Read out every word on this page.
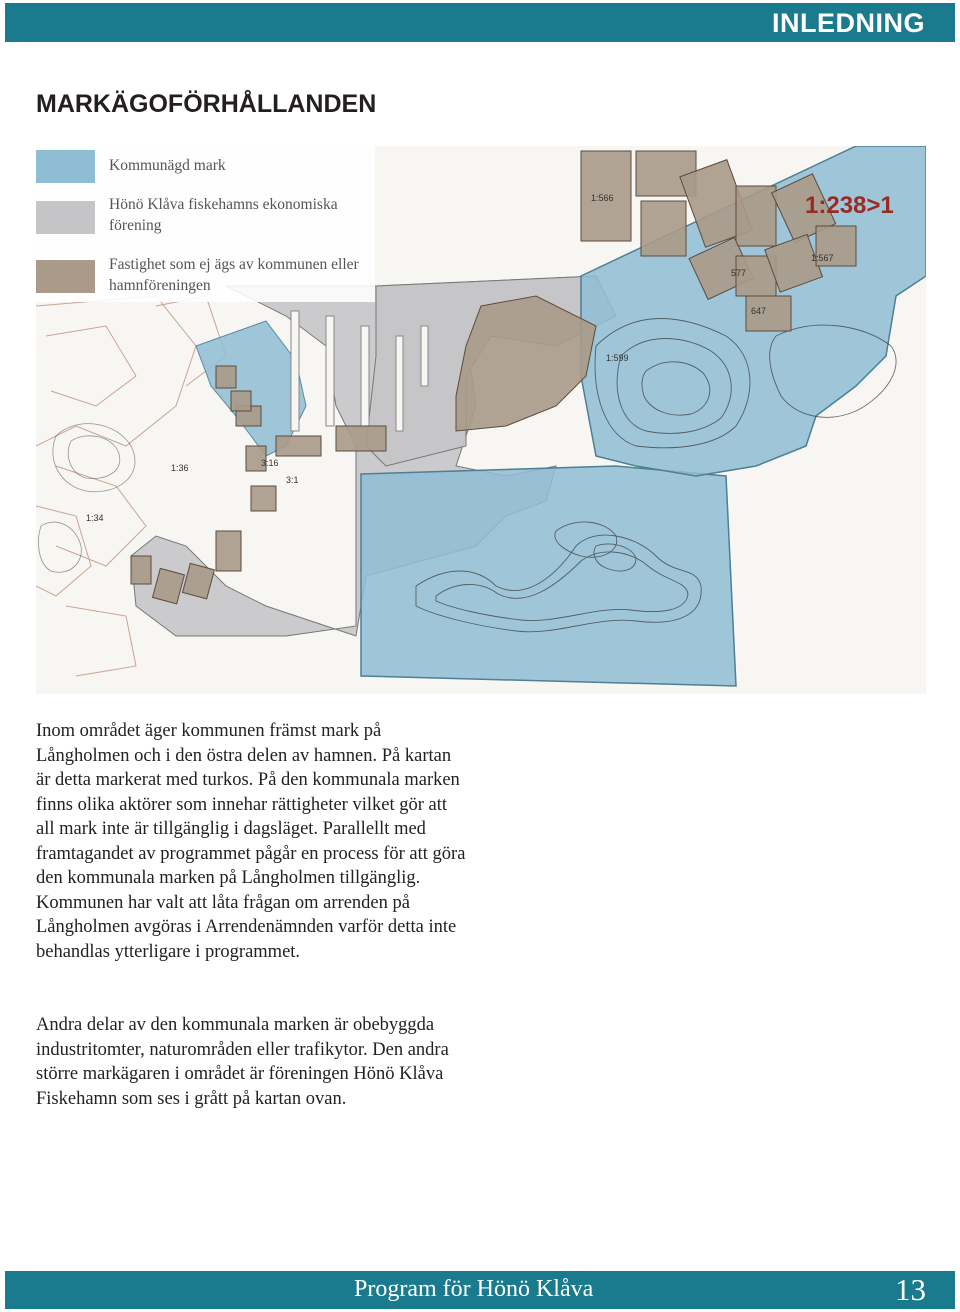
INLEDNING
MARKÄGOFÖRHÅLLANDEN
1:599
3:16
3:1
1:566
1:567
1:34
1:36
577
647
Kommunägd mark
Hönö Klåva fiskehamns ekonomiska förening
Fastighet som ej ägs av kommunen eller hamnföreningen
1:238>1

Inom området äger kommunen främst mark på Långholmen och i den östra delen av hamnen. På kartan är detta markerat med turkos. På den kommunala marken finns olika aktörer som innehar rättigheter vilket gör att all mark inte är tillgänglig i dagsläget. Parallellt med framtagandet av programmet pågår en process för att göra den kommunala marken på Långholmen tillgänglig. Kommunen har valt att låta frågan om arrenden på Långholmen avgöras i Arrendenämnden varför detta inte behandlas ytterligare i programmet.

Andra delar av den kommunala marken är obebyggda industritomter, naturområden eller trafikytor. Den andra större markägaren i området är föreningen Hönö Klåva Fiskehamn som ses i grått på kartan ovan.

Program för Hönö Klåva	13
